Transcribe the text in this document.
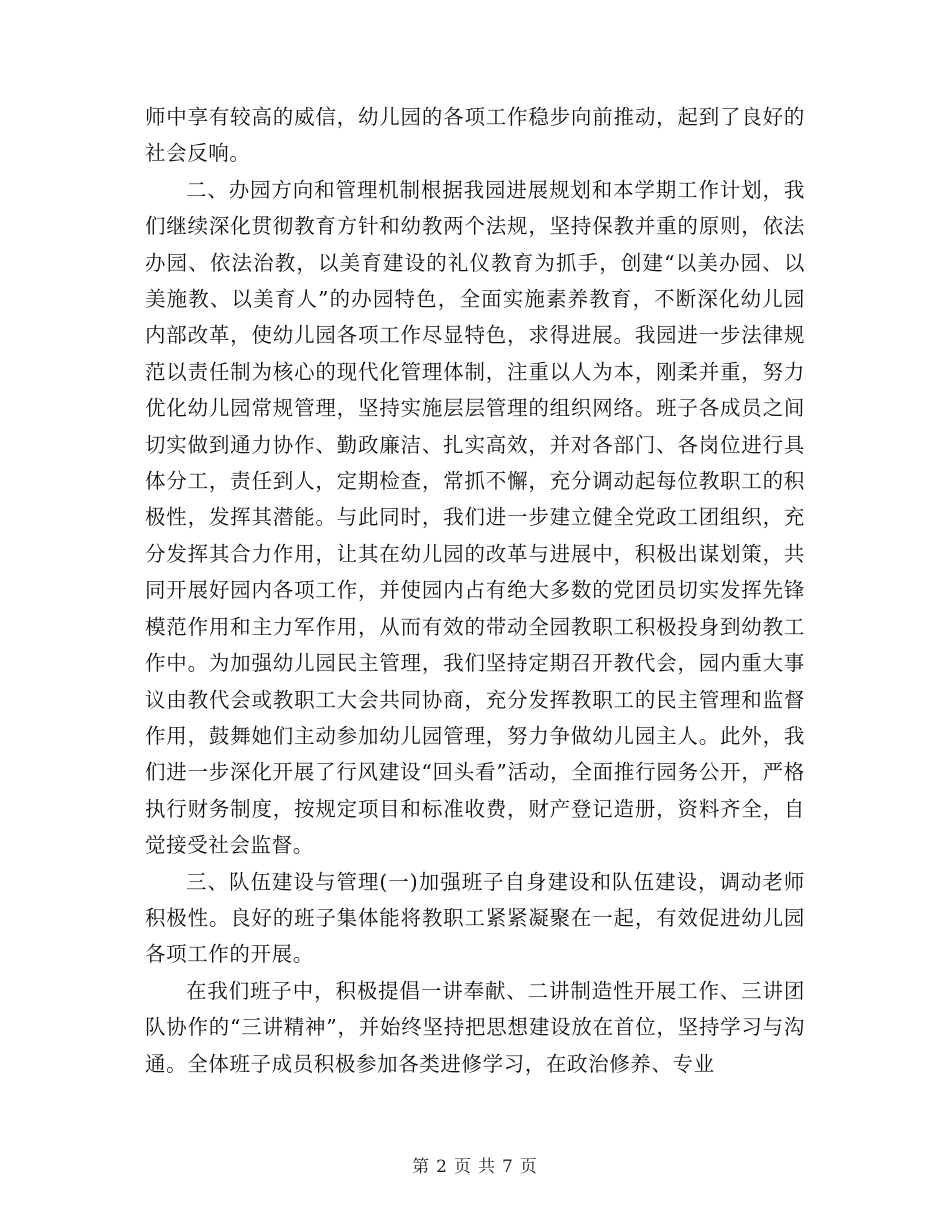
师中享有较高的威信，幼儿园的各项工作稳步向前推动，起到了良好的社会反响。

二、办园方向和管理机制根据我园进展规划和本学期工作计划，我们继续深化贯彻教育方针和幼教两个法规，坚持保教并重的原则，依法办园、依法治教，以美育建设的礼仪教育为抓手，创建“以美办园、以美施教、以美育人”的办园特色，全面实施素养教育，不断深化幼儿园内部改革，使幼儿园各项工作尽显特色，求得进展。我园进一步法律规范以责任制为核心的现代化管理体制，注重以人为本，刚柔并重，努力优化幼儿园常规管理，坚持实施层层管理的组织网络。班子各成员之间切实做到通力协作、勤政廉洁、扎实高效，并对各部门、各岗位进行具体分工，责任到人，定期检查，常抓不懈，充分调动起每位教职工的积极性，发挥其潜能。与此同时，我们进一步建立健全党政工团组织，充分发挥其合力作用，让其在幼儿园的改革与进展中，积极出谋划策，共同开展好园内各项工作，并使园内占有绝大多数的党团员切实发挥先锋模范作用和主力军作用，从而有效的带动全园教职工积极投身到幼教工作中。为加强幼儿园民主管理，我们坚持定期召开教代会，园内重大事议由教代会或教职工大会共同协商，充分发挥教职工的民主管理和监督作用，鼓舞她们主动参加幼儿园管理，努力争做幼儿园主人。此外，我们进一步深化开展了行风建设“回头看”活动，全面推行园务公开，严格执行财务制度，按规定项目和标准收费，财产登记造册，资料齐全，自觉接受社会监督。

三、队伍建设与管理(一)加强班子自身建设和队伍建设，调动老师积极性。良好的班子集体能将教职工紧紧凝聚在一起，有效促进幼儿园各项工作的开展。

在我们班子中，积极提倡一讲奉献、二讲制造性开展工作、三讲团队协作的“三讲精神”，并始终坚持把思想建设放在首位，坚持学习与沟通。全体班子成员积极参加各类进修学习，在政治修养、专业

第 2 页 共 7 页
